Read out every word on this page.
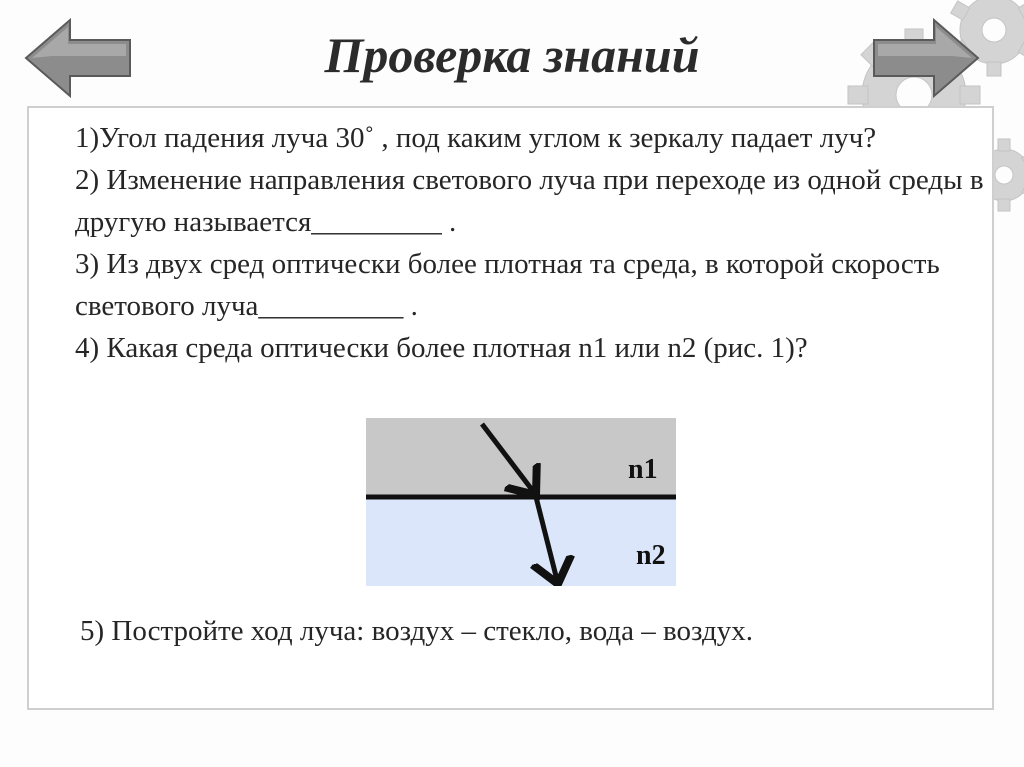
Проверка знаний

1)Угол падения луча 30˚ , под каким углом к зеркалу падает луч?

2) Изменение направления светового луча при переходе из одной среды в другую называется_________ .

3) Из двух сред оптически более плотная та среда, в которой скорость светового луча__________ .

4) Какая среда оптически более плотная n1 или n2 (рис. 1)?

n1
n2
5) Постройте ход луча: воздух – стекло, вода – воздух.
